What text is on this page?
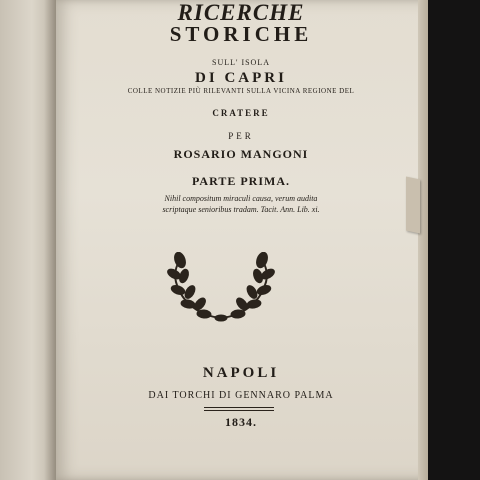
RICERCHE
STORICHE
SULL' ISOLA
DI CAPRI
COLLE NOTIZIE PIÙ RILEVANTI SULLA VICINA REGIONE DEL
CRATERE
PER
ROSARIO MANGONI
PARTE PRIMA.
Nihil compositum miraculi causa, verum audita
scriptaque senioribus tradam. Tacit. Ann. Lib. xi.
NAPOLI
DAI TORCHI DI GENNARO PALMA
1834.
